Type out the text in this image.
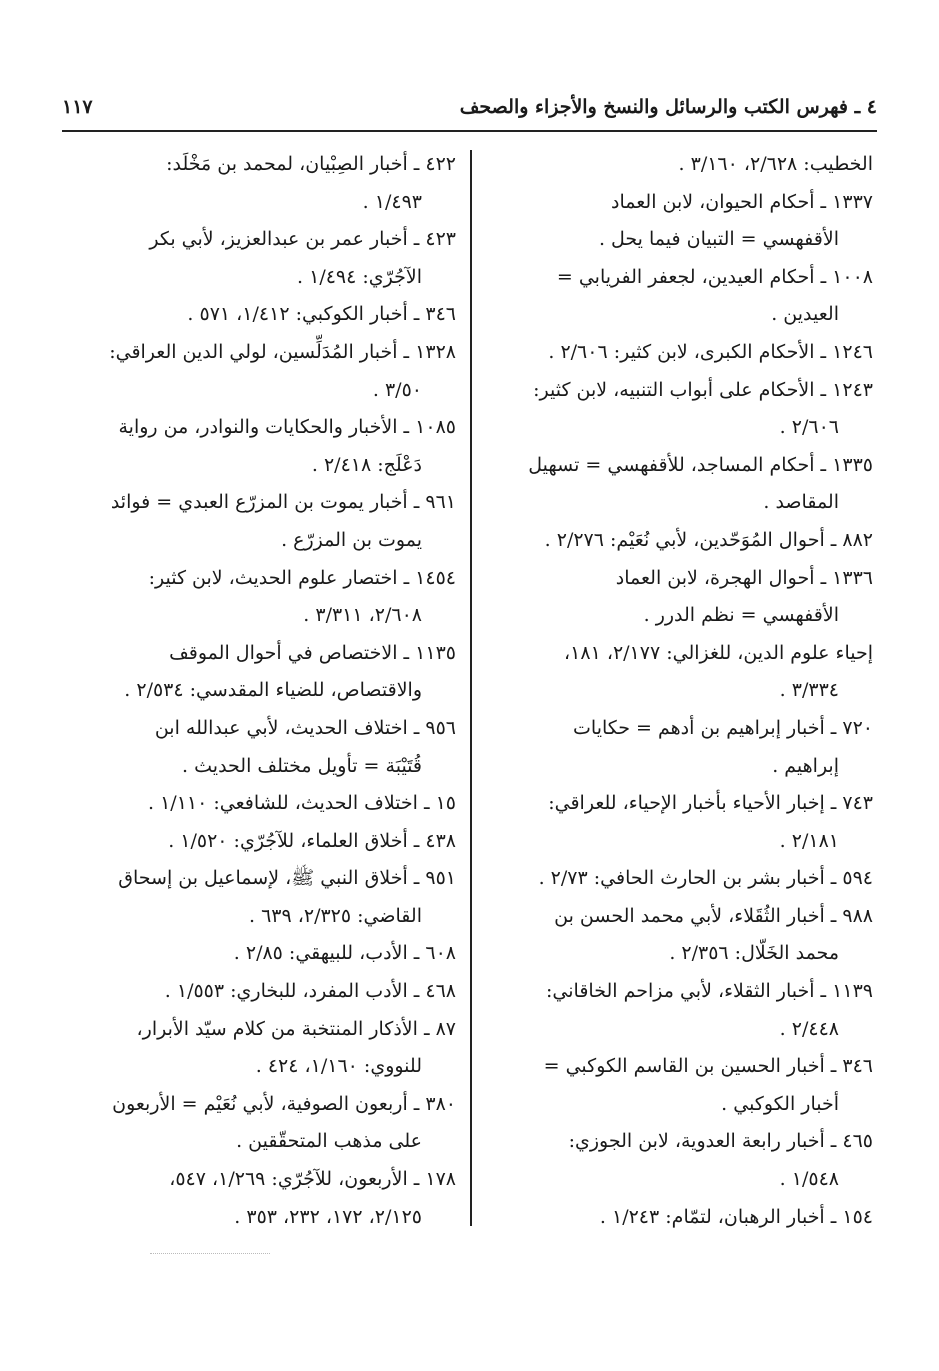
٤ ـ فهرس الكتب والرسائل والنسخ والأجزاء والصحف
١١٧

الخطيب: ٢/٦٢٨، ٣/١٦٠ .

١٣٣٧ ـ أحكام الحيوان، لابن العماد
الأقفهسي = التبيان فيما يحل .

١٠٠٨ ـ أحكام العيدين، لجعفر الفريابي =
العيدين .

١٢٤٦ ـ الأحكام الكبرى، لابن كثير: ٢/٦٠٦ .

١٢٤٣ ـ الأحكام على أبواب التنبيه، لابن كثير:
٢/٦٠٦ .

١٣٣٥ ـ أحكام المساجد، للأقفهسي = تسهيل
المقاصد .

٨٨٢ ـ أحوال المُوَحّدين، لأبي نُعَيْم: ٢/٢٧٦ .

١٣٣٦ ـ أحوال الهجرة، لابن العماد
الأقفهسي = نظم الدرر .

إحياء علوم الدين، للغزالي: ٢/١٧٧، ١٨١،
٣/٣٣٤ .

٧٢٠ ـ أخبار إبراهيم بن أدهم = حكايات
إبراهيم .

٧٤٣ ـ إخبار الأحياء بأخبار الإحياء، للعراقي:
٢/١٨١ .

٥٩٤ ـ أخبار بشر بن الحارث الحافي: ٢/٧٣ .

٩٨٨ ـ أخبار الثُقَلاء، لأبي محمد الحسن بن
محمد الخَلّال: ٢/٣٥٦ .

١١٣٩ ـ أخبار الثقلاء، لأبي مزاحم الخاقاني:
٢/٤٤٨ .

٣٤٦ ـ أخبار الحسين بن القاسم الكوكبي =
أخبار الكوكبي .

٤٦٥ ـ أخبار رابعة العدوية، لابن الجوزي:
١/٥٤٨ .

١٥٤ ـ أخبار الرهبان، لتمّام: ١/٢٤٣ .

٤٢٢ ـ أخبار الصِبْيان، لمحمد بن مَخْلَد:
١/٤٩٣ .

٤٢٣ ـ أخبار عمر بن عبدالعزيز، لأبي بكر
الآجُرّي: ١/٤٩٤ .

٣٤٦ ـ أخبار الكوكبي: ١/٤١٢، ٥٧١ .

١٣٢٨ ـ أخبار المُدَلِّسين، لولي الدين العراقي:
٣/٥٠ .

١٠٨٥ ـ الأخبار والحكايات والنوادر، من رواية
دَعْلَج: ٢/٤١٨ .

٩٦١ ـ أخبار يموت بن المزرّع العبدي = فوائد
يموت بن المزرّع .

١٤٥٤ ـ اختصار علوم الحديث، لابن كثير:
٢/٦٠٨، ٣/٣١١ .

١١٣٥ ـ الاختصاص في أحوال الموقف
والاقتصاص، للضياء المقدسي: ٢/٥٣٤ .

٩٥٦ ـ اختلاف الحديث، لأبي عبدالله ابن
قُتَيْبَة = تأويل مختلف الحديث .

١٥ ـ اختلاف الحديث، للشافعي: ١/١١٠ .

٤٣٨ ـ أخلاق العلماء، للآجُرّي: ١/٥٢٠ .

٩٥١ ـ أخلاق النبي ﷺ، لإسماعيل بن إسحاق
القاضي: ٢/٣٢٥، ٦٣٩ .

٦٠٨ ـ الأدب، للبيهقي: ٢/٨٥ .

٤٦٨ ـ الأدب المفرد، للبخاري: ١/٥٥٣ .

٨٧ ـ الأذكار المنتخبة من كلام سيّد الأبرار،
للنووي: ١/١٦٠، ٤٢٤ .

٣٨٠ ـ أربعون الصوفية، لأبي نُعَيْم = الأربعون
على مذهب المتحقّقين .

١٧٨ ـ الأربعون، للآجُرّي: ١/٢٦٩، ٥٤٧،
٢/١٢٥، ١٧٢، ٢٣٢، ٣٥٣ .
